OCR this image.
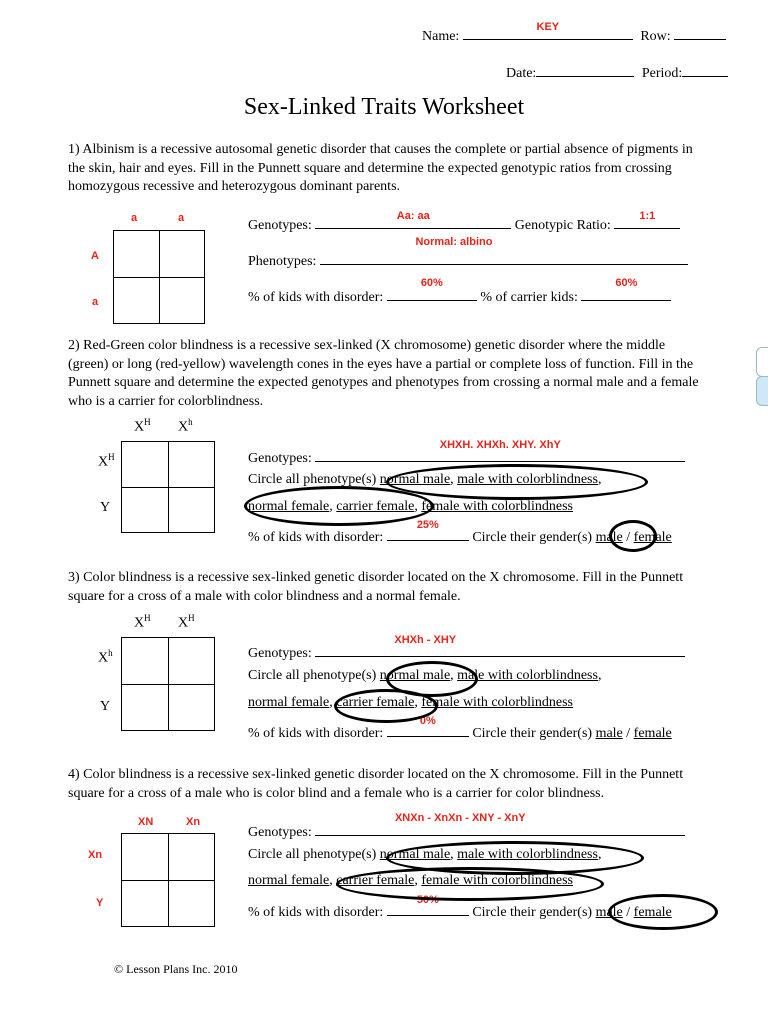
Name:
KEY
Row:
Date:	Period:
Sex-Linked Traits Worksheet
1) Albinism is a recessive autosomal genetic disorder that causes the complete or partial absence of pigments in the skin, hair and eyes. Fill in the Punnett square and determine the expected genotypic ratios from crossing homozygous recessive and heterozygous dominant parents.
a	a
A
a
Genotypes:
Aa: aa
Genotypic Ratio:
1:1
Phenotypes:
Normal: albino
% of kids with disorder:
60%
% of carrier kids:
60%
2) Red-Green color blindness is a recessive sex-linked (X chromosome) genetic disorder where the middle (green) or long (red-yellow) wavelength cones in the eyes have a partial or complete loss of function. Fill in the Punnett square and determine the expected genotypes and phenotypes from crossing a normal male and a female who is a carrier for colorblindness.
$X^H$ $X^h$
$X^H$
Y
Genotypes:
XHXH. XHXh. XHY. XhY
Circle all phenotype(s) normal male, male with colorblindness,
normal female, carrier female, female with colorblindness
% of kids with disorder:
25%
Circle their gender(s) male / female
3) Color blindness is a recessive sex-linked genetic disorder located on the X chromosome. Fill in the Punnett square for a cross of a male with color blindness and a normal female.
$X^H$ $X^H$
$X^h$
Y
Genotypes:
XHXh - XHY
Circle all phenotype(s) normal male, male with colorblindness,
normal female, carrier female, female with colorblindness
% of kids with disorder:
0%
Circle their gender(s) male / female
4) Color blindness is a recessive sex-linked genetic disorder located on the X chromosome. Fill in the Punnett square for a cross of a male who is color blind and a female who is a carrier for color blindness.
XN	Xn
Xn
Y
Genotypes:
XNXn - XnXn - XNY - XnY
Circle all phenotype(s) normal male, male with colorblindness,
normal female, carrier female, female with colorblindness
% of kids with disorder:
50%
Circle their gender(s) male / female
© Lesson Plans Inc. 2010
